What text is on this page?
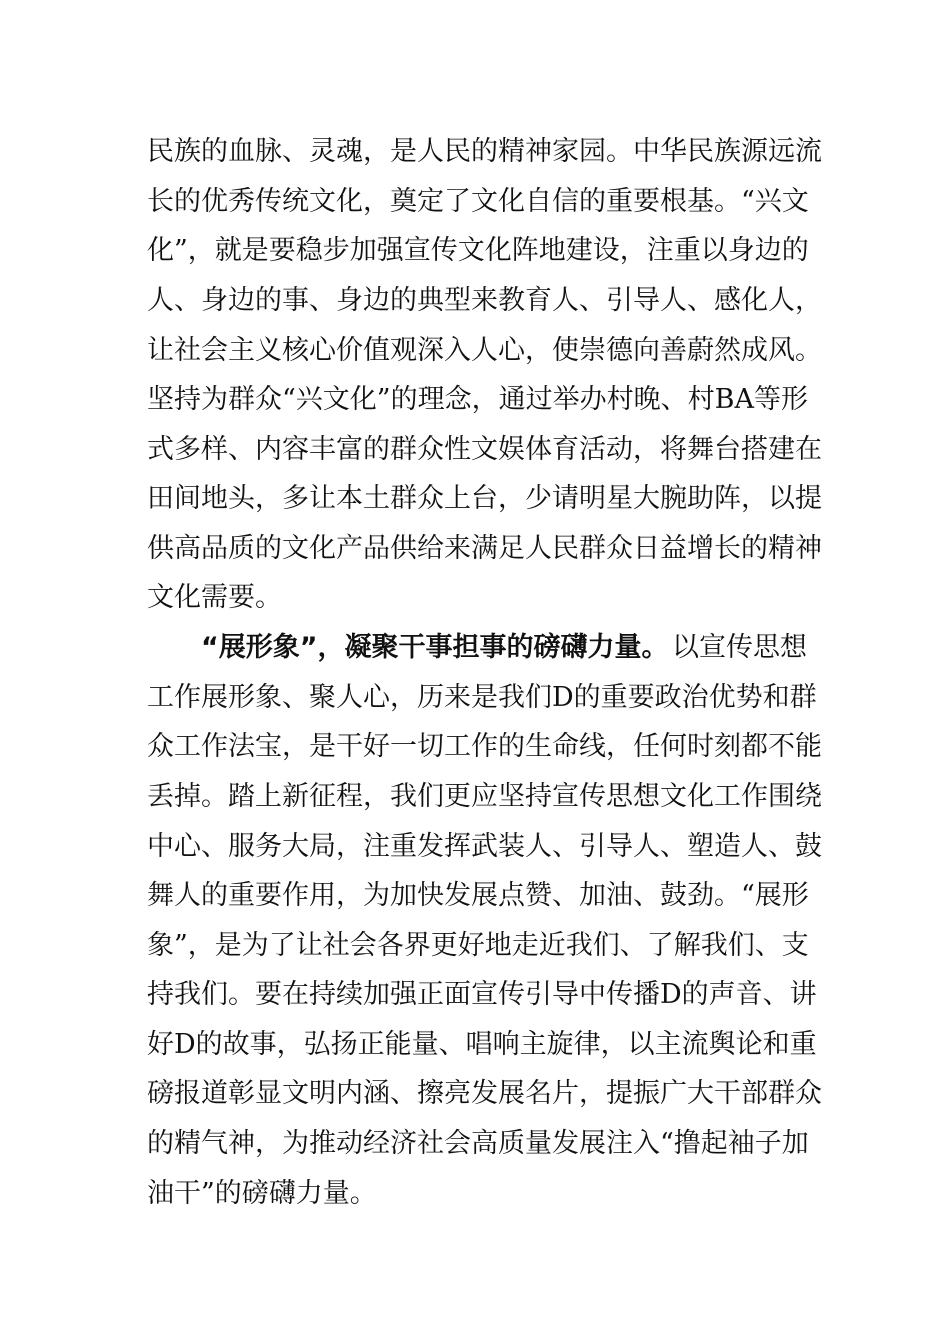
民族的血脉、灵魂，是人民的精神家园。中华民族源远流
长的优秀传统文化，奠定了文化自信的重要根基。“兴文
化”，就是要稳步加强宣传文化阵地建设，注重以身边的
人、身边的事、身边的典型来教育人、引导人、感化人，
让社会主义核心价值观深入人心，使崇德向善蔚然成风。
坚持为群众“兴文化”的理念，通过举办村晚、村BA等形
式多样、内容丰富的群众性文娱体育活动，将舞台搭建在
田间地头，多让本土群众上台，少请明星大腕助阵，以提
供高品质的文化产品供给来满足人民群众日益增长的精神
文化需要。
“展形象”，凝聚干事担事的磅礴力量。 以宣传思想
工作展形象、聚人心，历来是我们D的重要政治优势和群
众工作法宝，是干好一切工作的生命线，任何时刻都不能
丢掉。踏上新征程，我们更应坚持宣传思想文化工作围绕
中心、服务大局，注重发挥武装人、引导人、塑造人、鼓
舞人的重要作用，为加快发展点赞、加油、鼓劲。“展形
象”，是为了让社会各界更好地走近我们、了解我们、支
持我们。要在持续加强正面宣传引导中传播D的声音、讲
好D的故事，弘扬正能量、唱响主旋律，以主流舆论和重
磅报道彰显文明内涵、擦亮发展名片，提振广大干部群众
的精气神，为推动经济社会高质量发展注入“撸起袖子加
油干”的磅礴力量。
